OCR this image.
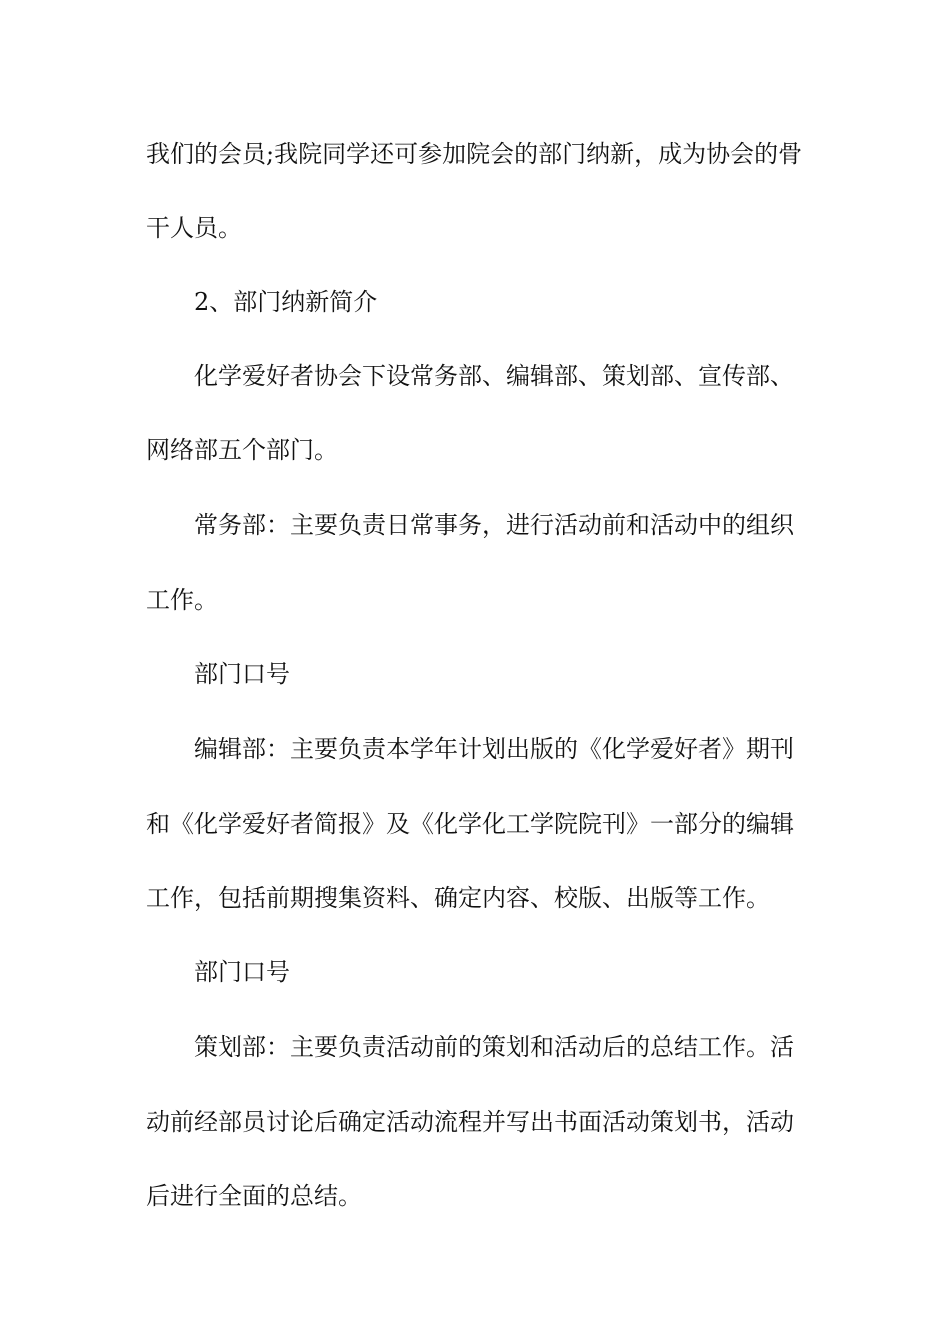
我们的会员;我院同学还可参加院会的部门纳新，成为协会的骨
干人员。
2、部门纳新简介
化学爱好者协会下设常务部、编辑部、策划部、宣传部、
网络部五个部门。
常务部：主要负责日常事务，进行活动前和活动中的组织
工作。
部门口号
编辑部：主要负责本学年计划出版的《化学爱好者》期刊
和《化学爱好者简报》及《化学化工学院院刊》一部分的编辑
工作，包括前期搜集资料、确定内容、校版、出版等工作。
部门口号
策划部：主要负责活动前的策划和活动后的总结工作。活
动前经部员讨论后确定活动流程并写出书面活动策划书，活动
后进行全面的总结。
